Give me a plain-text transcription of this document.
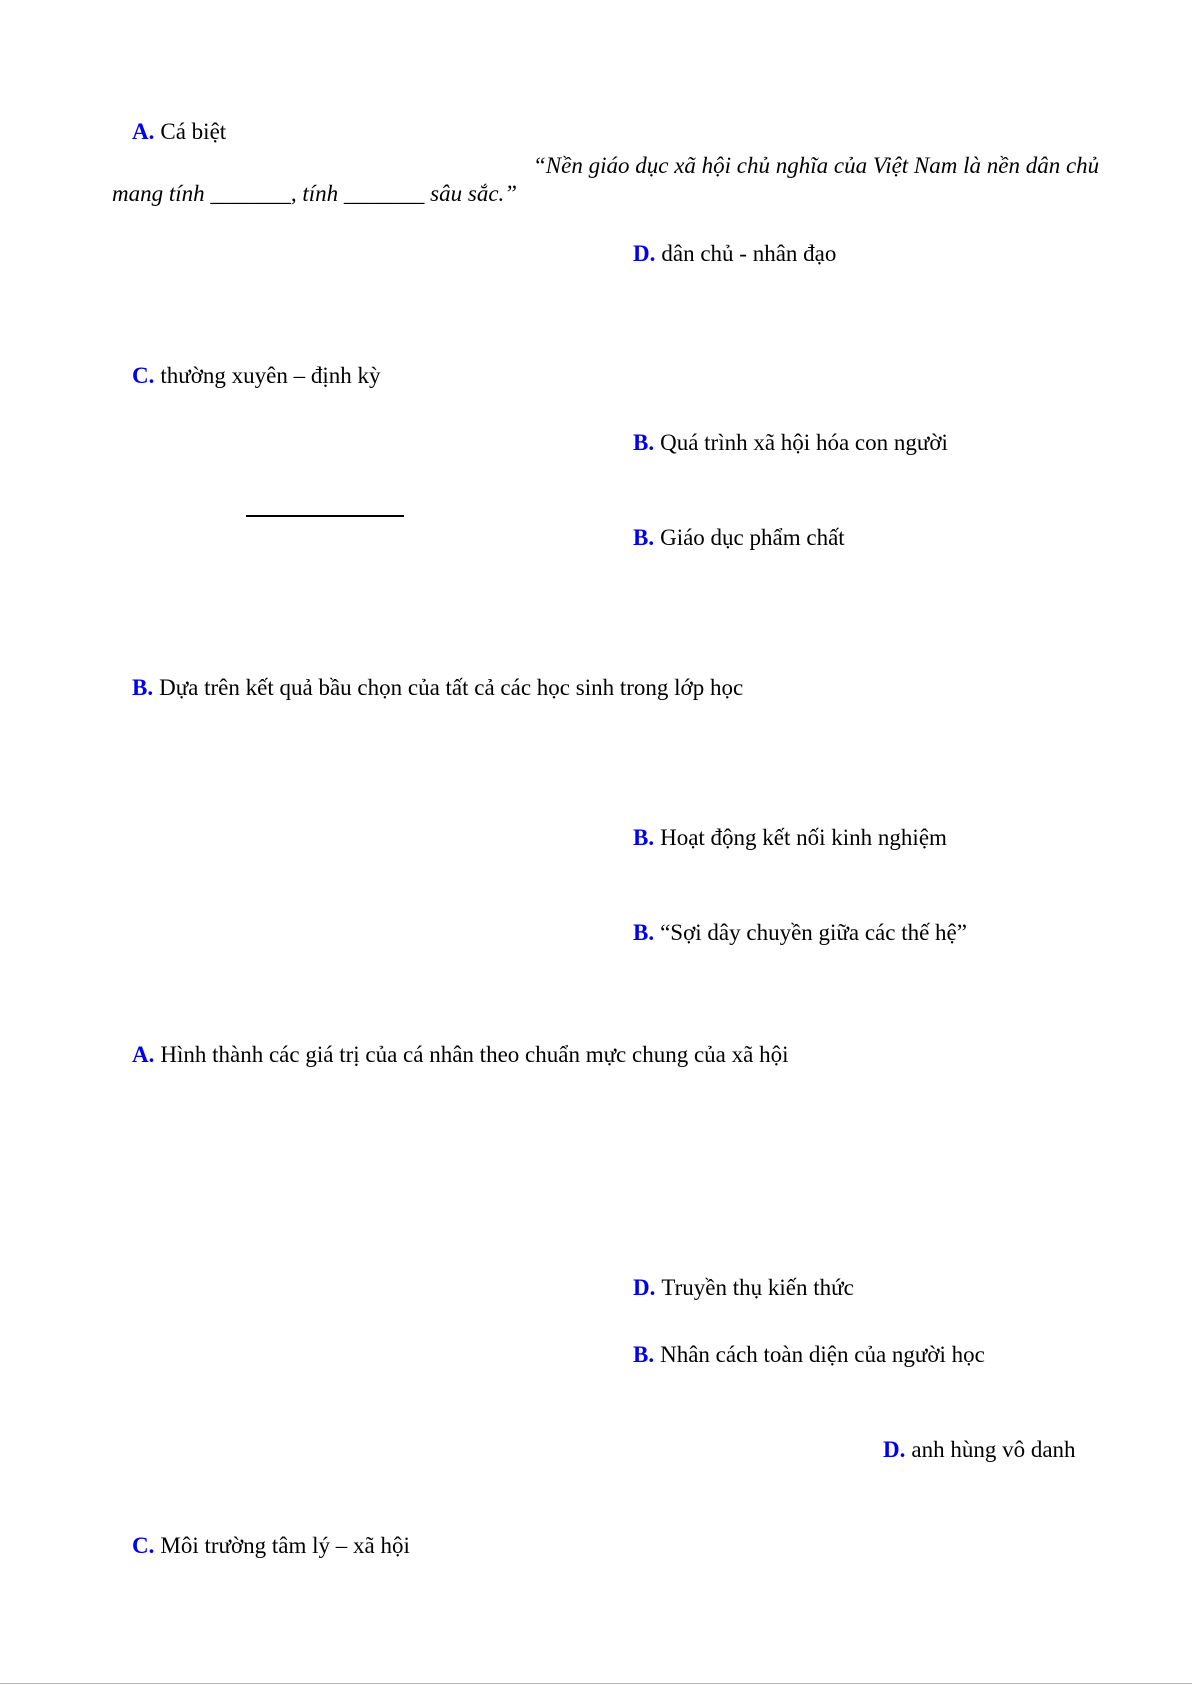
A. Cá biệt
“Nền giáo dục xã hội chủ nghĩa của Việt Nam là nền dân chủ
mang tính _______, tính _______ sâu sắc.”
D. dân chủ - nhân đạo
C. thường xuyên – định kỳ
B. Quá trình xã hội hóa con người
B. Giáo dục phẩm chất
B. Dựa trên kết quả bầu chọn của tất cả các học sinh trong lớp học
B. Hoạt động kết nối kinh nghiệm
B. “Sợi dây chuyền giữa các thế hệ”
A. Hình thành các giá trị của cá nhân theo chuẩn mực chung của xã hội
D. Truyền thụ kiến thức
B. Nhân cách toàn diện của người học
D. anh hùng vô danh
C. Môi trường tâm lý – xã hội
